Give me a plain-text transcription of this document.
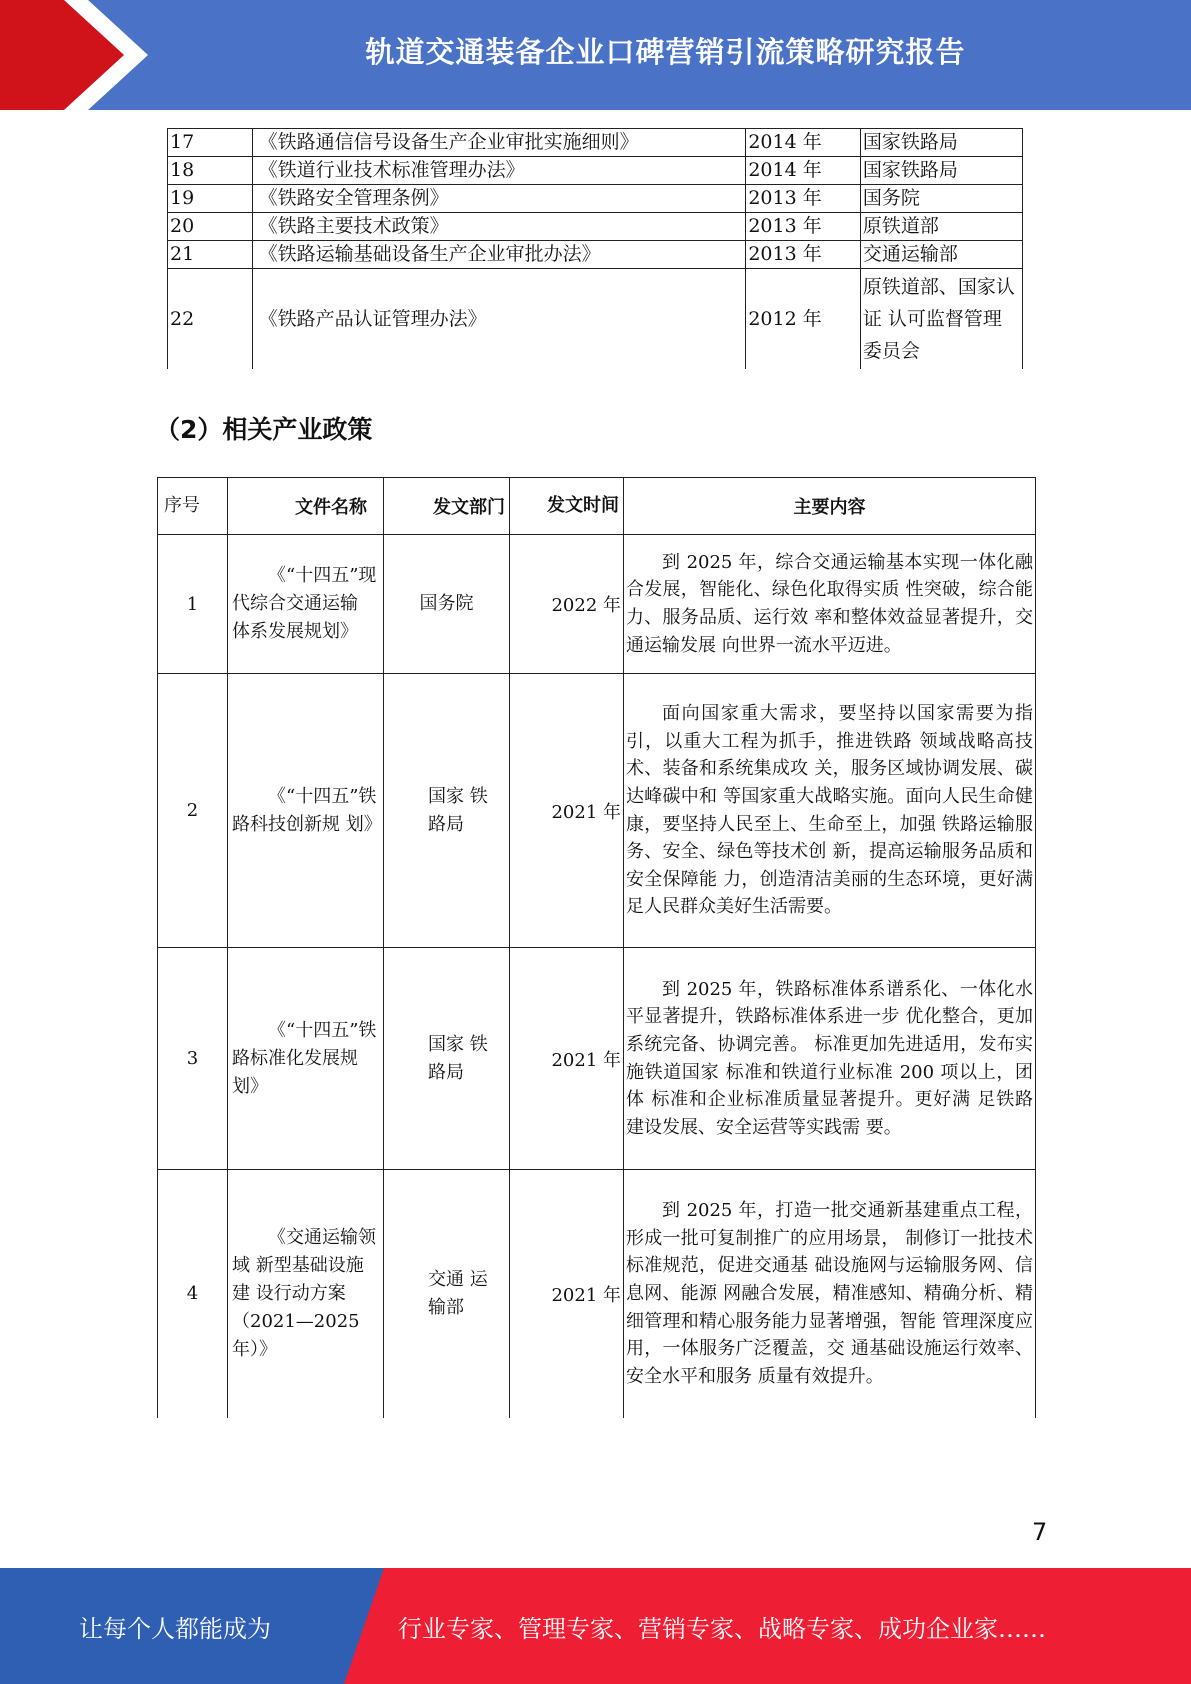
轨道交通装备企业口碑营销引流策略研究报告
17	《铁路通信信号设备生产企业审批实施细则》	2014 年	国家铁路局
18	《铁道行业技术标准管理办法》	2014 年	国家铁路局
19	《铁路安全管理条例》	2013 年	国务院
20	《铁路主要技术政策》	2013 年	原铁道部
21	《铁路运输基础设备生产企业审批办法》	2013 年	交通运输部
22	《铁路产品认证管理办法》	2012 年	原铁道部、国家认证 认可监督管理委员会
（2）相关产业政策
序号	文件名称	发文部门	发文时间	主要内容
1	《“十四五”现 代综合交通运输 体系发展规划》	国务院	2022 年	到 2025 年，综合交通运输基本实现一体化融合发展，智能化、绿色化取得实质 性突破，综合能力、服务品质、运行效 率和整体效益显著提升，交通运输发展 向世界一流水平迈进。
2	《“十四五”铁 路科技创新规 划》	国家 铁路局	2021 年	面向国家重大需求，要坚持以国家需要为指引，以重大工程为抓手，推进铁路 领域战略高技术、装备和系统集成攻 关，服务区域协调发展、碳达峰碳中和 等国家重大战略实施。面向人民生命健 康，要坚持人民至上、生命至上，加强 铁路运输服务、安全、绿色等技术创 新，提高运输服务品质和安全保障能 力，创造清洁美丽的生态环境，更好满 足人民群众美好生活需要。
3	《“十四五”铁 路标准化发展规 划》	国家 铁路局	2021 年	到 2025 年，铁路标准体系谱系化、一体化水平显著提升，铁路标准体系进一步 优化整合，更加系统完备、协调完善。 标准更加先进适用，发布实施铁道国家 标准和铁道行业标准 200 项以上，团体 标准和企业标准质量显著提升。更好满 足铁路建设发展、安全运营等实践需 要。
4	《交通运输领域 新型基础设施建 设行动方案（2021—2025年）》	交通 运输部	2021 年	到 2025 年，打造一批交通新基建重点工程，形成一批可复制推广的应用场景， 制修订一批技术标准规范，促进交通基 础设施网与运输服务网、信息网、能源 网融合发展，精准感知、精确分析、精 细管理和精心服务能力显著增强，智能 管理深度应用，一体服务广泛覆盖，交 通基础设施运行效率、安全水平和服务 质量有效提升。
7
让每个人都能成为	行业专家、管理专家、营销专家、战略专家、成功企业家……
